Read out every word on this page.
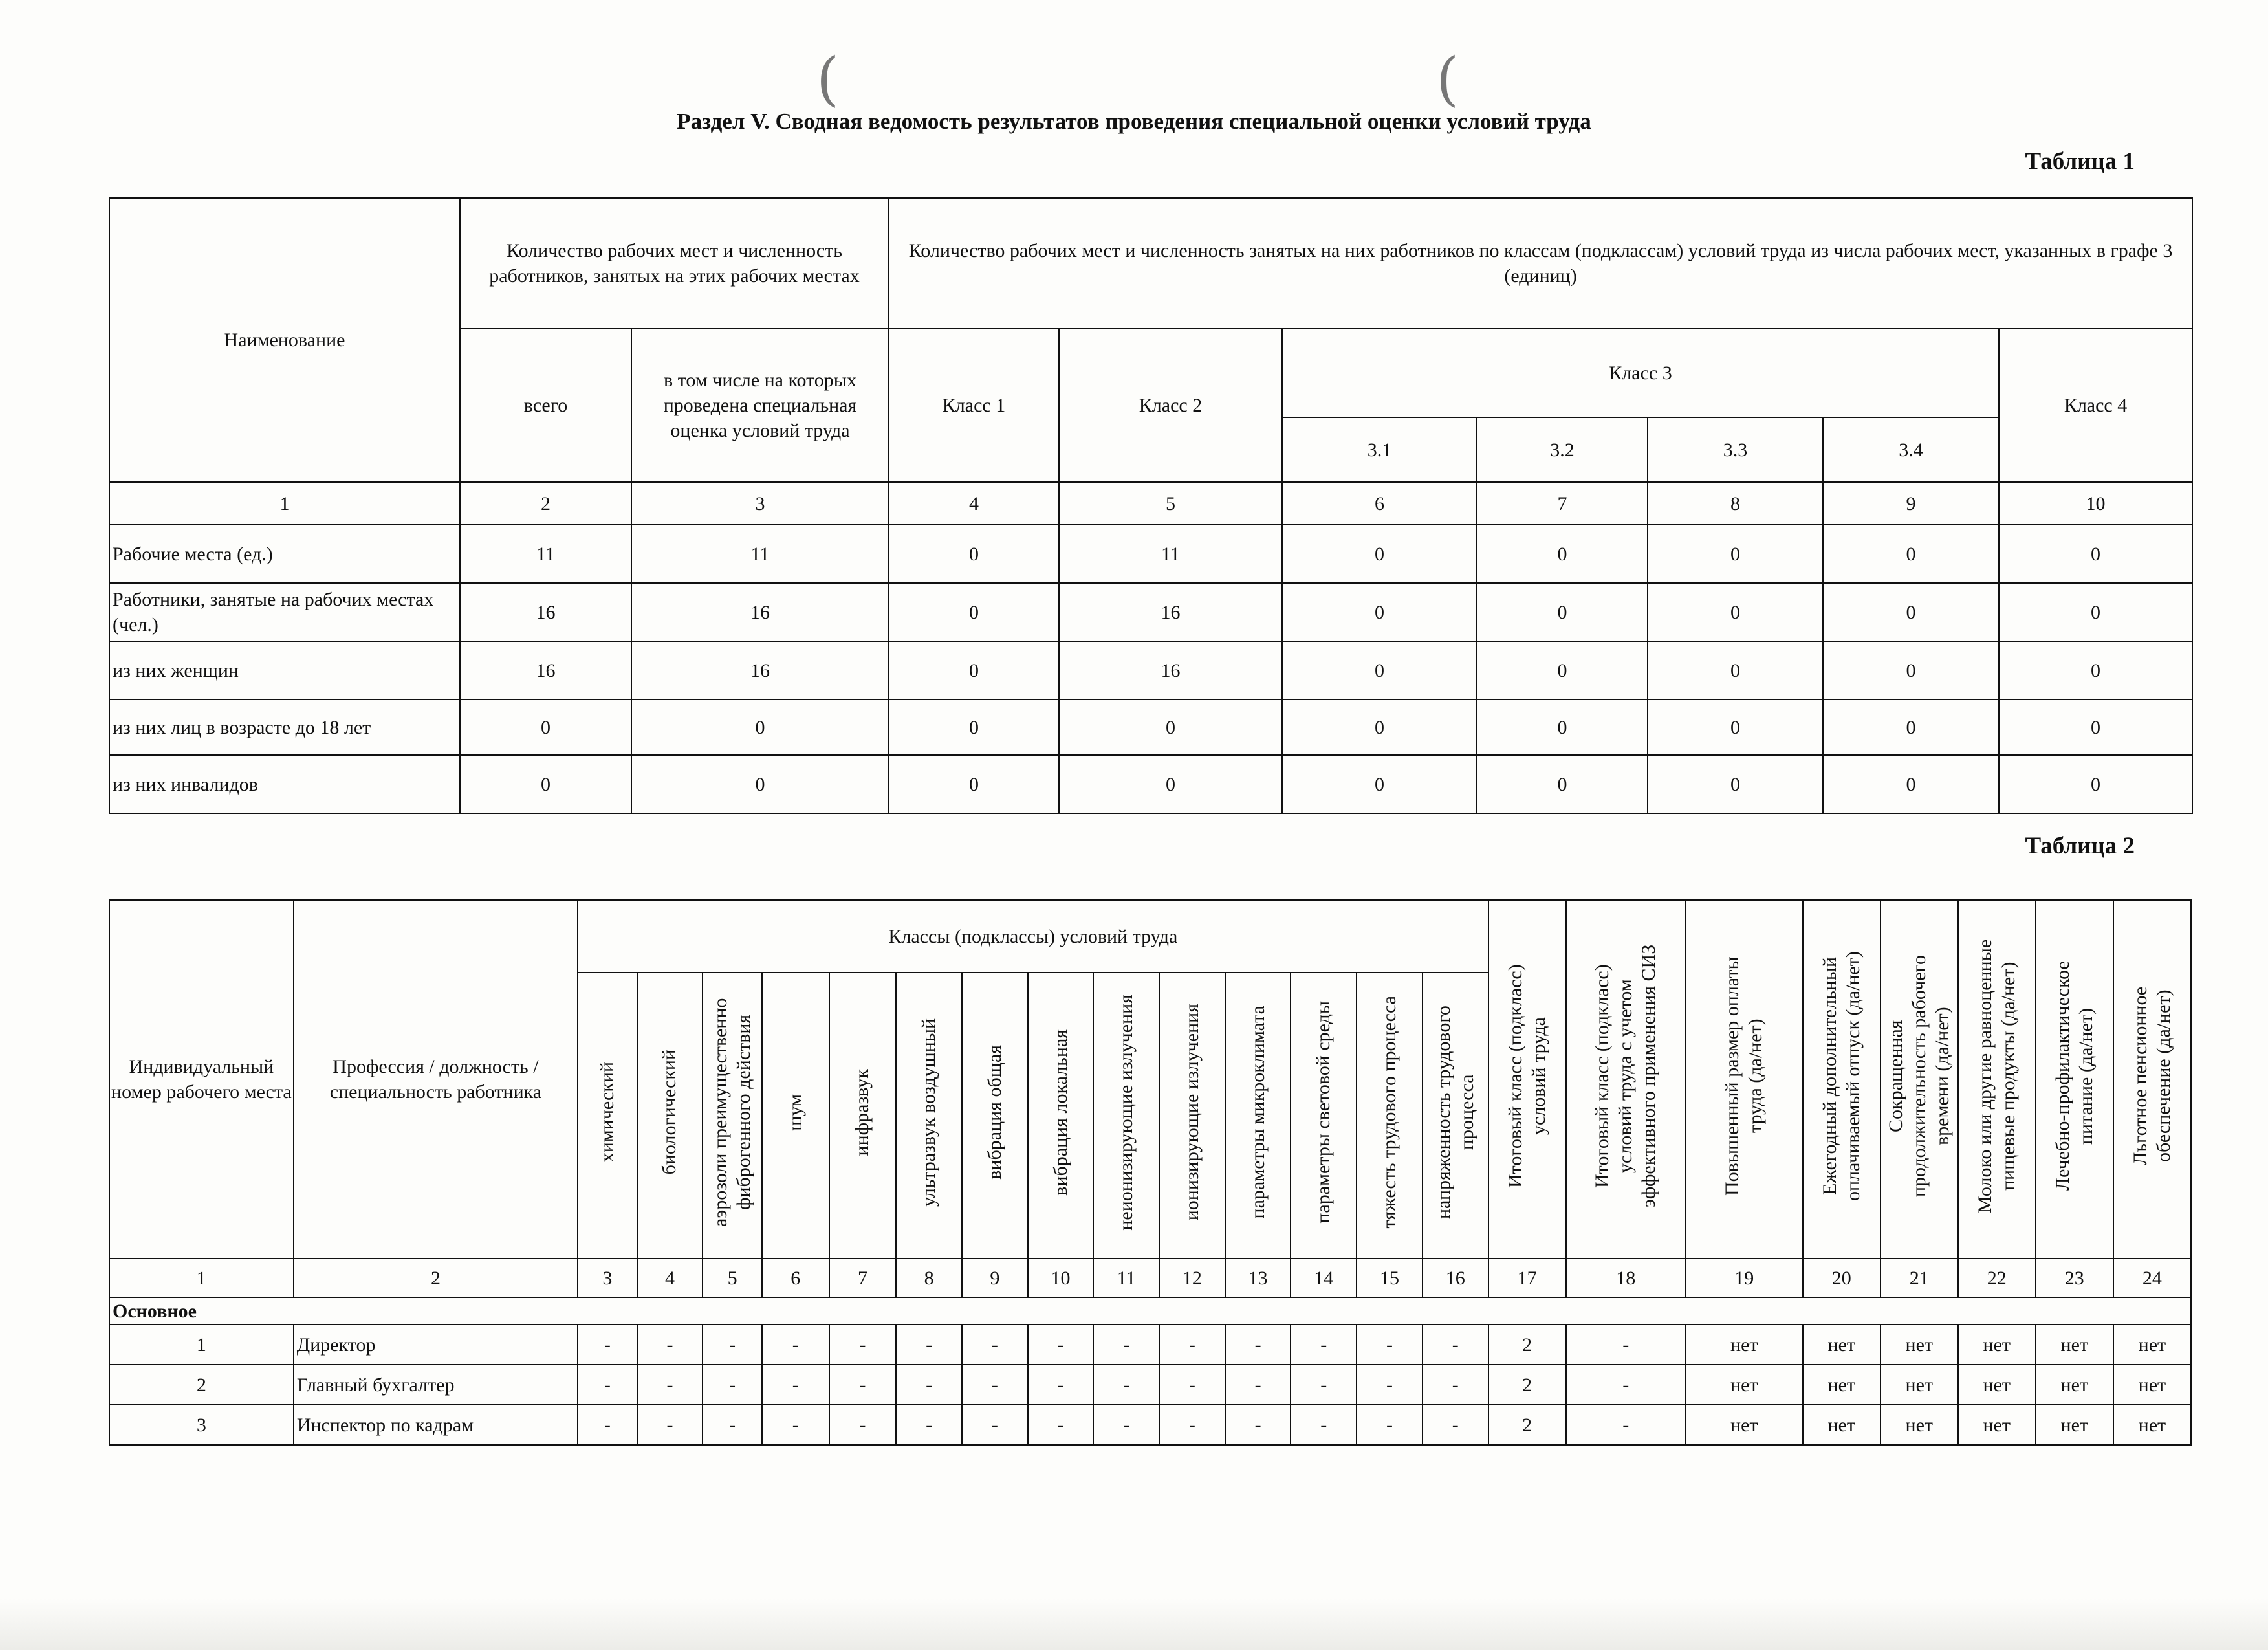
(	(
Раздел V. Сводная ведомость результатов проведения специальной оценки условий труда
Таблица 1
Наименование	Количество рабочих мест и численность работников, занятых на этих рабочих местах		Количество рабочих мест и численность занятых на них работников по классам (подклассам) условий труда из числа рабочих мест, указанных в графе 3 (единиц)						
	всего	в том числе на которых проведена специальная оценка условий труда	Класс 1	Класс 2	Класс 3				Класс 4
					3.1	3.2	3.3	3.4	
1	2	3	4	5	6	7	8	9	10
Рабочие места (ед.)	11	11	0	11	0	0	0	0	0
Работники, занятые на рабочих местах (чел.)	16	16	0	16	0	0	0	0	0
из них женщин	16	16	0	16	0	0	0	0	0
из них лиц в возрасте до 18 лет	0	0	0	0	0	0	0	0	0
из них инвалидов	0	0	0	0	0	0	0	0	0
Таблица 2
Индивидуальный номер рабочего места	Профессия / должность / специальность работника	Классы (подклассы) условий труда														Итоговый класс (подкласс) условий труда	Итоговый класс (подкласс) условий труда с учетом эффективного применения СИЗ	Повышенный размер оплаты труда (да/нет)	Ежегодный дополнительный оплачиваемый отпуск (да/нет)	Сокращенная продолжительность рабочего времени (да/нет)	Молоко или другие равноценные пищевые продукты (да/нет)	Лечебно-профилактическое питание (да/нет)	Льготное пенсионное обеспечение (да/нет)
		химический	биологический	аэрозоли преимущественно фиброгенного действия	шум	инфразвук	ультразвук воздушный	вибрация общая	вибрация локальная	неионизирующие излучения	ионизирующие излучения	параметры микроклимата	параметры световой среды	тяжесть трудового процесса	напряженность трудового процесса								
1	2	3	4	5	6	7	8	9	10	11	12	13	14	15	16	17	18	19	20	21	22	23	24
Основное																							
1	Директор	-	-	-	-	-	-	-	-	-	-	-	-	-	-	2	-	нет	нет	нет	нет	нет	нет
2	Главный бухгалтер	-	-	-	-	-	-	-	-	-	-	-	-	-	-	2	-	нет	нет	нет	нет	нет	нет
3	Инспектор по кадрам	-	-	-	-	-	-	-	-	-	-	-	-	-	-	2	-	нет	нет	нет	нет	нет	нет
